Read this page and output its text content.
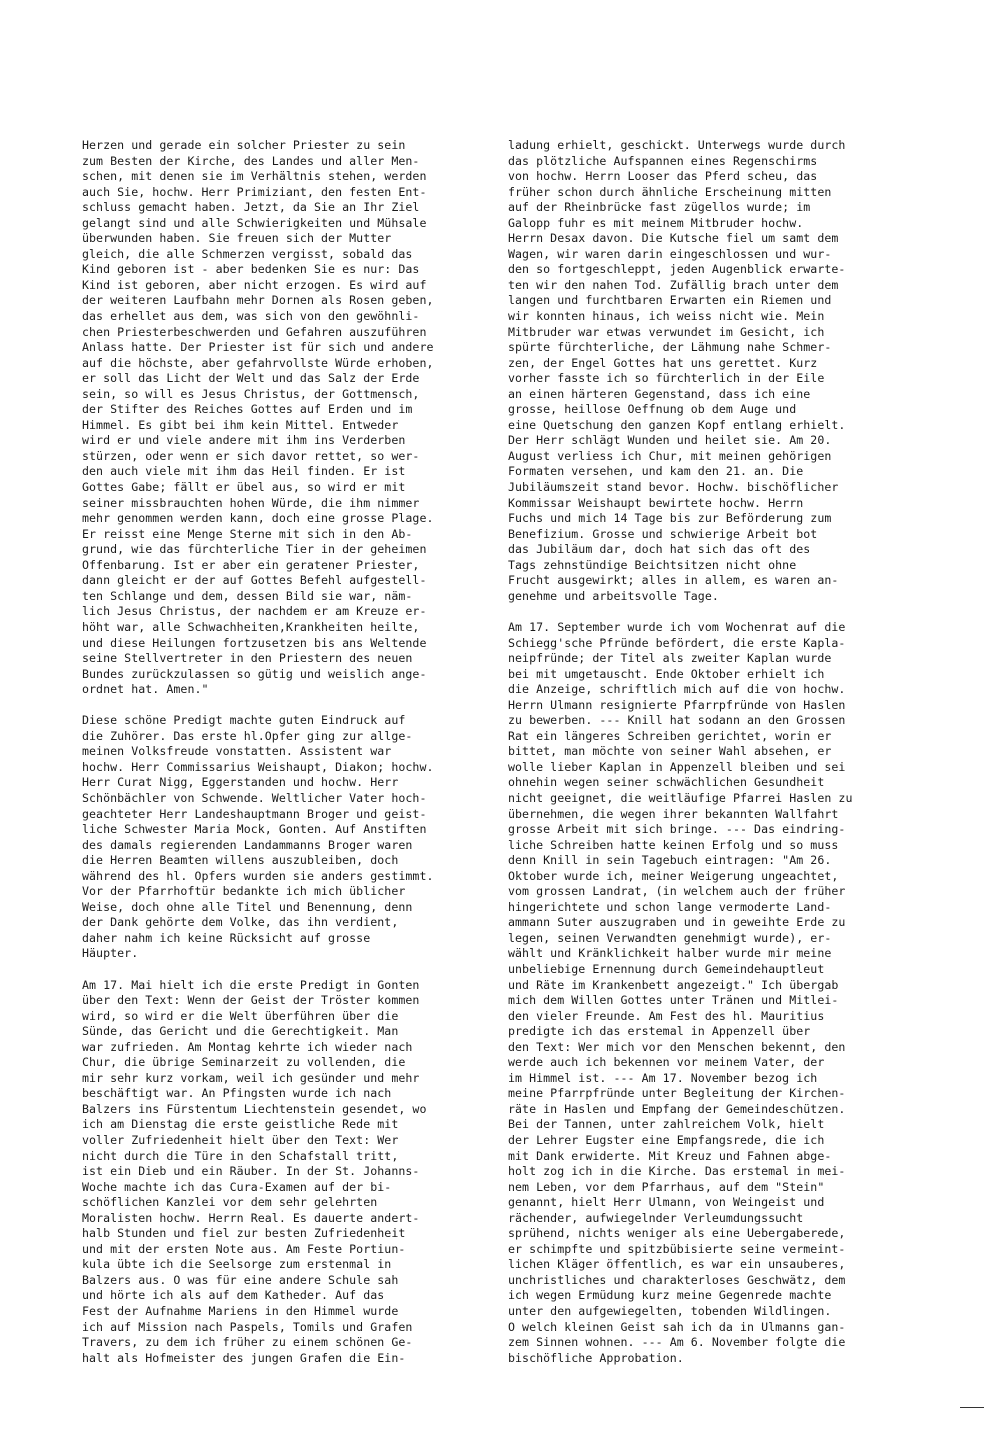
Herzen und gerade ein solcher Priester zu sein
zum Besten der Kirche, des Landes und aller Men-
schen, mit denen sie im Verhältnis stehen, werden
auch Sie, hochw. Herr Primiziant, den festen Ent-
schluss gemacht haben. Jetzt, da Sie an Ihr Ziel
gelangt sind und alle Schwierigkeiten und Mühsale
überwunden haben. Sie freuen sich der Mutter
gleich, die alle Schmerzen vergisst, sobald das
Kind geboren ist - aber bedenken Sie es nur: Das
Kind ist geboren, aber nicht erzogen. Es wird auf
der weiteren Laufbahn mehr Dornen als Rosen geben,
das erhellet aus dem, was sich von den gewöhnli-
chen Priesterbeschwerden und Gefahren auszuführen
Anlass hatte. Der Priester ist für sich und andere
auf die höchste, aber gefahrvollste Würde erhoben,
er soll das Licht der Welt und das Salz der Erde
sein, so will es Jesus Christus, der Gottmensch,
der Stifter des Reiches Gottes auf Erden und im
Himmel. Es gibt bei ihm kein Mittel. Entweder
wird er und viele andere mit ihm ins Verderben
stürzen, oder wenn er sich davor rettet, so wer-
den auch viele mit ihm das Heil finden. Er ist
Gottes Gabe; fällt er übel aus, so wird er mit
seiner missbrauchten hohen Würde, die ihm nimmer
mehr genommen werden kann, doch eine grosse Plage.
Er reisst eine Menge Sterne mit sich in den Ab-
grund, wie das fürchterliche Tier in der geheimen
Offenbarung. Ist er aber ein geratener Priester,
dann gleicht er der auf Gottes Befehl aufgestell-
ten Schlange und dem, dessen Bild sie war, näm-
lich Jesus Christus, der nachdem er am Kreuze er-
höht war, alle Schwachheiten,Krankheiten heilte,
und diese Heilungen fortzusetzen bis ans Weltende
seine Stellvertreter in den Priestern des neuen
Bundes zurückzulassen so gütig und weislich ange-
ordnet hat. Amen."
Diese schöne Predigt machte guten Eindruck auf
die Zuhörer. Das erste hl.Opfer ging zur allge-
meinen Volksfreude vonstatten. Assistent war
hochw. Herr Commissarius Weishaupt, Diakon; hochw.
Herr Curat Nigg, Eggerstanden und hochw. Herr
Schönbächler von Schwende. Weltlicher Vater hoch-
geachteter Herr Landeshauptmann Broger und geist-
liche Schwester Maria Mock, Gonten. Auf Anstiften
des damals regierenden Landammanns Broger waren
die Herren Beamten willens auszubleiben, doch
während des hl. Opfers wurden sie anders gestimmt.
Vor der Pfarrhoftür bedankte ich mich üblicher
Weise, doch ohne alle Titel und Benennung, denn
der Dank gehörte dem Volke, das ihn verdient,
daher nahm ich keine Rücksicht auf grosse
Häupter.
Am 17. Mai hielt ich die erste Predigt in Gonten
über den Text: Wenn der Geist der Tröster kommen
wird, so wird er die Welt überführen über die
Sünde, das Gericht und die Gerechtigkeit. Man
war zufrieden. Am Montag kehrte ich wieder nach
Chur, die übrige Seminarzeit zu vollenden, die
mir sehr kurz vorkam, weil ich gesünder und mehr
beschäftigt war. An Pfingsten wurde ich nach
Balzers ins Fürstentum Liechtenstein gesendet, wo
ich am Dienstag die erste geistliche Rede mit
voller Zufriedenheit hielt über den Text: Wer
nicht durch die Türe in den Schafstall tritt,
ist ein Dieb und ein Räuber. In der St. Johanns-
Woche machte ich das Cura-Examen auf der bi-
schöflichen Kanzlei vor dem sehr gelehrten
Moralisten hochw. Herrn Real. Es dauerte andert-
halb Stunden und fiel zur besten Zufriedenheit
und mit der ersten Note aus. Am Feste Portiun-
kula übte ich die Seelsorge zum erstenmal in
Balzers aus. O was für eine andere Schule sah
und hörte ich als auf dem Katheder. Auf das
Fest der Aufnahme Mariens in den Himmel wurde
ich auf Mission nach Paspels, Tomils und Grafen
Travers, zu dem ich früher zu einem schönen Ge-
halt als Hofmeister des jungen Grafen die Ein-
ladung erhielt, geschickt. Unterwegs wurde durch
das plötzliche Aufspannen eines Regenschirms
von hochw. Herrn Looser das Pferd scheu, das
früher schon durch ähnliche Erscheinung mitten
auf der Rheinbrücke fast zügellos wurde; im
Galopp fuhr es mit meinem Mitbruder hochw.
Herrn Desax davon. Die Kutsche fiel um samt dem
Wagen, wir waren darin eingeschlossen und wur-
den so fortgeschleppt, jeden Augenblick erwarte-
ten wir den nahen Tod. Zufällig brach unter dem
langen und furchtbaren Erwarten ein Riemen und
wir konnten hinaus, ich weiss nicht wie. Mein
Mitbruder war etwas verwundet im Gesicht, ich
spürte fürchterliche, der Lähmung nahe Schmer-
zen, der Engel Gottes hat uns gerettet. Kurz
vorher fasste ich so fürchterlich in der Eile
an einen härteren Gegenstand, dass ich eine
grosse, heillose Oeffnung ob dem Auge und
eine Quetschung den ganzen Kopf entlang erhielt.
Der Herr schlägt Wunden und heilet sie. Am 20.
August verliess ich Chur, mit meinen gehörigen
Formaten versehen, und kam den 21. an. Die
Jubiläumszeit stand bevor. Hochw. bischöflicher
Kommissar Weishaupt bewirtete hochw. Herrn
Fuchs und mich 14 Tage bis zur Beförderung zum
Benefizium. Grosse und schwierige Arbeit bot
das Jubiläum dar, doch hat sich das oft des
Tags zehnstündige Beichtsitzen nicht ohne
Frucht ausgewirkt; alles in allem, es waren an-
genehme und arbeitsvolle Tage.
Am 17. September wurde ich vom Wochenrat auf die
Schiegg'sche Pfründe befördert, die erste Kapla-
neipfründe; der Titel als zweiter Kaplan wurde
bei mit umgetauscht. Ende Oktober erhielt ich
die Anzeige, schriftlich mich auf die von hochw.
Herrn Ulmann resignierte Pfarrpfründe von Haslen
zu bewerben. --- Knill hat sodann an den Grossen
Rat ein längeres Schreiben gerichtet, worin er
bittet, man möchte von seiner Wahl absehen, er
wolle lieber Kaplan in Appenzell bleiben und sei
ohnehin wegen seiner schwächlichen Gesundheit
nicht geeignet, die weitläufige Pfarrei Haslen zu
übernehmen, die wegen ihrer bekannten Wallfahrt
grosse Arbeit mit sich bringe. --- Das eindring-
liche Schreiben hatte keinen Erfolg und so muss
denn Knill in sein Tagebuch eintragen: "Am 26.
Oktober wurde ich, meiner Weigerung ungeachtet,
vom grossen Landrat, (in welchem auch der früher
hingerichtete und schon lange vermoderte Land-
ammann Suter auszugraben und in geweihte Erde zu
legen, seinen Verwandten genehmigt wurde), er-
wählt und Kränklichkeit halber wurde mir meine
unbeliebige Ernennung durch Gemeindehauptleut
und Räte im Krankenbett angezeigt." Ich übergab
mich dem Willen Gottes unter Tränen und Mitlei-
den vieler Freunde. Am Fest des hl. Mauritius
predigte ich das erstemal in Appenzell über
den Text: Wer mich vor den Menschen bekennt, den
werde auch ich bekennen vor meinem Vater, der
im Himmel ist. --- Am 17. November bezog ich
meine Pfarrpfründe unter Begleitung der Kirchen-
räte in Haslen und Empfang der Gemeindeschützen.
Bei der Tannen, unter zahlreichem Volk, hielt
der Lehrer Eugster eine Empfangsrede, die ich
mit Dank erwiderte. Mit Kreuz und Fahnen abge-
holt zog ich in die Kirche. Das erstemal in mei-
nem Leben, vor dem Pfarrhaus, auf dem "Stein"
genannt, hielt Herr Ulmann, von Weingeist und
rächender, aufwiegelnder Verleumdungssucht
sprühend, nichts weniger als eine Uebergaberede,
er schimpfte und spitzbübisierte seine vermeint-
lichen Kläger öffentlich, es war ein unsauberes,
unchristliches und charakterloses Geschwätz, dem
ich wegen Ermüdung kurz meine Gegenrede machte
unter den aufgewiegelten, tobenden Wildlingen.
O welch kleinen Geist sah ich da in Ulmanns gan-
zem Sinnen wohnen. --- Am 6. November folgte die
bischöfliche Approbation.
